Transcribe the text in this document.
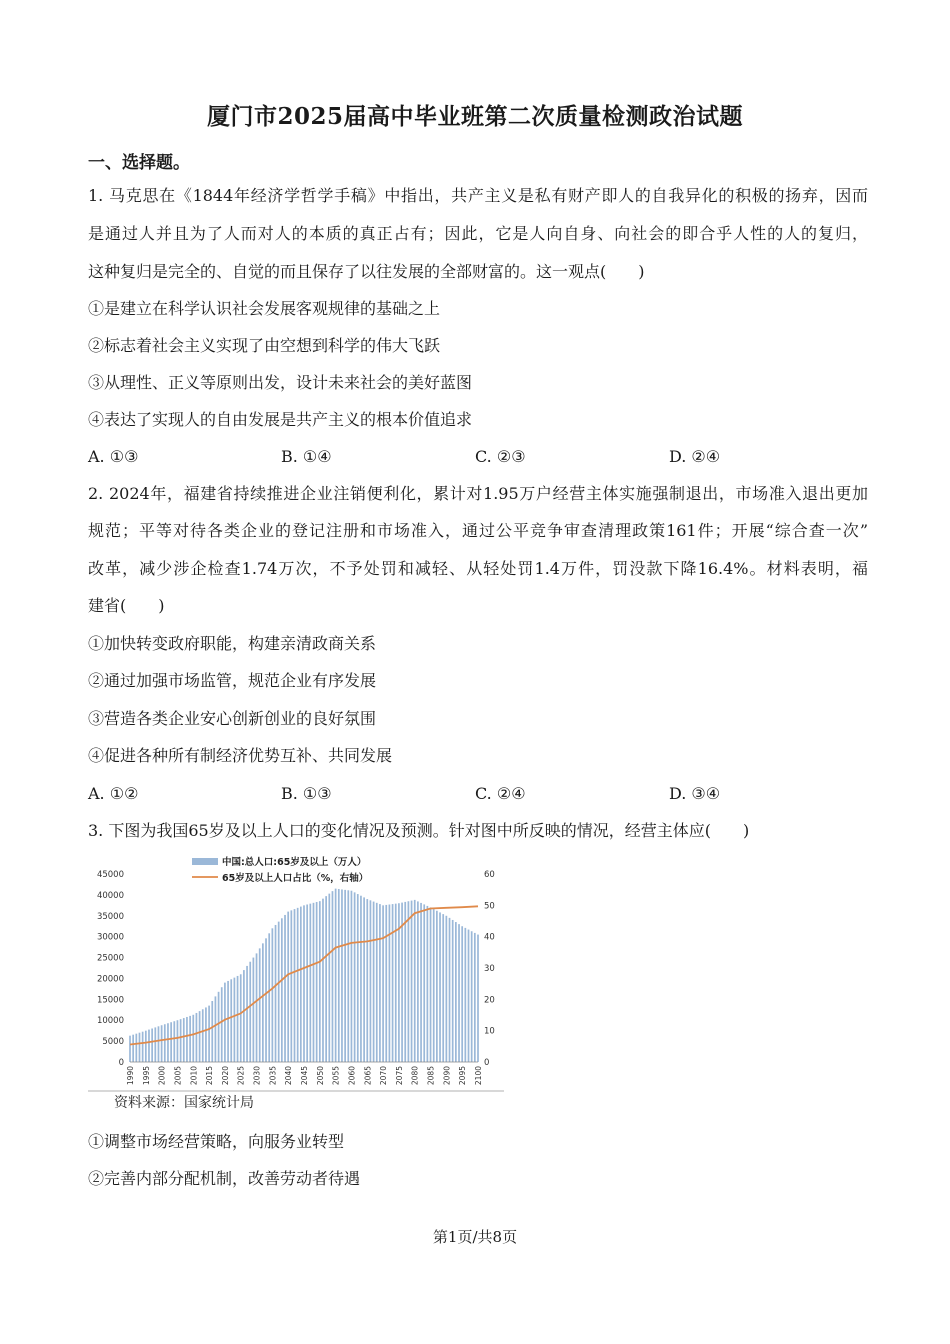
厦门市2025届高中毕业班第二次质量检测政治试题
一、选择题。
1. 马克思在《1844年经济学哲学手稿》中指出，共产主义是私有财产即人的自我异化的积极的扬弃，因而
是通过人并且为了人而对人的本质的真正占有；因此，它是人向自身、向社会的即合乎人性的人的复归，
这种复归是完全的、自觉的而且保存了以往发展的全部财富的。这一观点(　　)
①是建立在科学认识社会发展客观规律的基础之上
②标志着社会主义实现了由空想到科学的伟大飞跃
③从理性、正义等原则出发，设计未来社会的美好蓝图
④表达了实现人的自由发展是共产主义的根本价值追求
A. ①③	B. ①④	C. ②③	D. ②④
2. 2024年，福建省持续推进企业注销便利化，累计对1.95万户经营主体实施强制退出，市场准入退出更加
规范；平等对待各类企业的登记注册和市场准入，通过公平竞争审查清理政策161件；开展“综合查一次”
改革，减少涉企检查1.74万次，不予处罚和减轻、从轻处罚1.4万件，罚没款下降16.4%。材料表明，福
建省(　　)
①加快转变政府职能，构建亲清政商关系
②通过加强市场监管，规范企业有序发展
③营造各类企业安心创新创业的良好氛围
④促进各种所有制经济优势互补、共同发展
A. ①②	B. ①③	C. ②④	D. ③④
3. 下图为我国65岁及以上人口的变化情况及预测。针对图中所反映的情况，经营主体应(　　)
中国:总人口:65岁及以上（万人）
65岁及以上人口占比（%，右轴）
0
5000
10000
15000
20000
25000
30000
35000
40000
45000
0
10
20
30
40
50
60
1990 1995 2000 2005 2010 2015 2020 2025 2030 2035 2040 2045 2050 2055 2060 2065 2070 2075 2080 2085 2090 2095 2100
资料来源：国家统计局
①调整市场经营策略，向服务业转型
②完善内部分配机制，改善劳动者待遇
第1页/共8页
